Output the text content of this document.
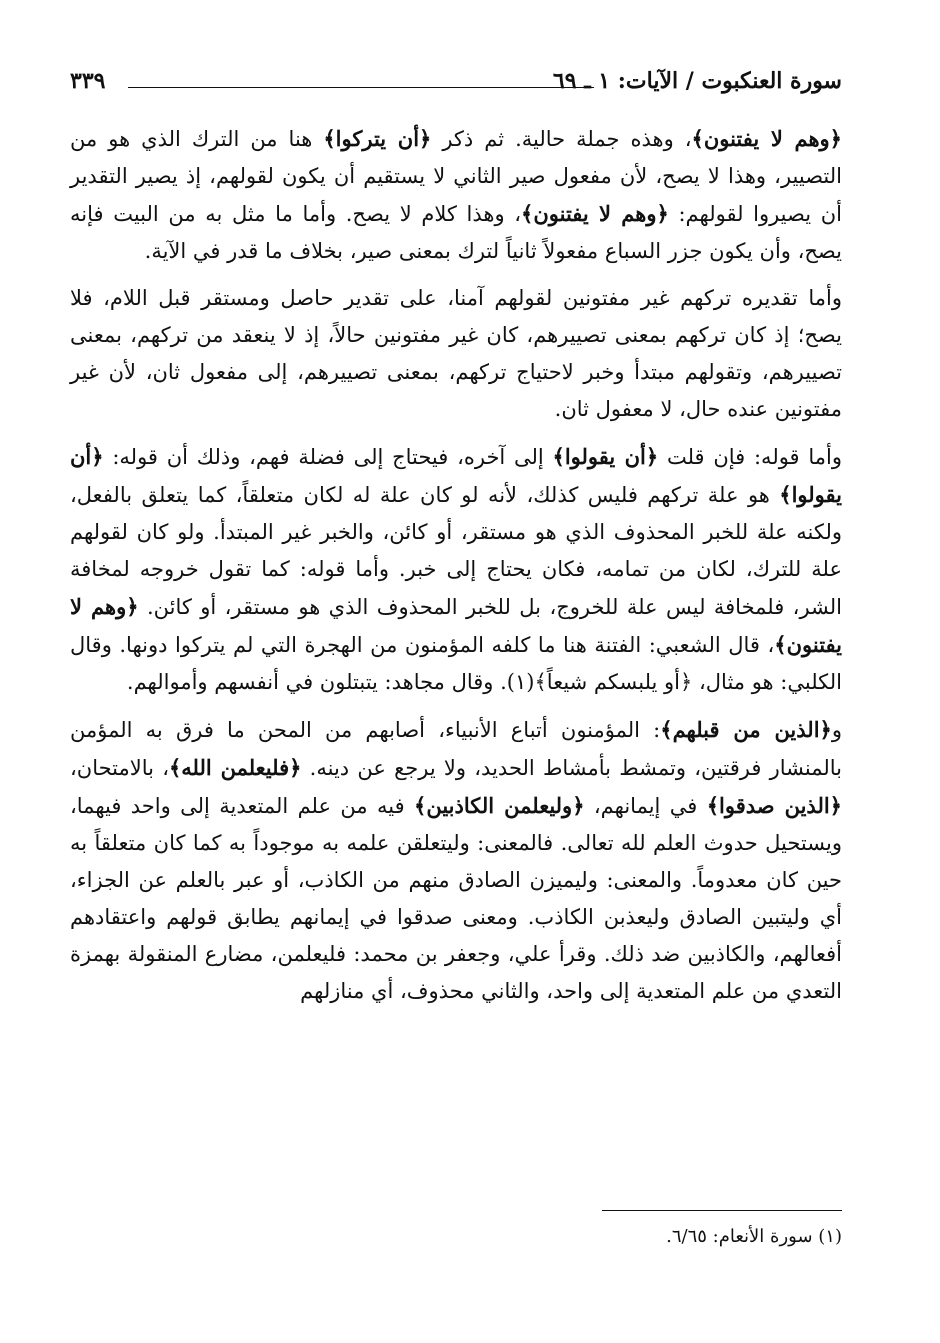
سورة العنكبوت / الآيات: ١ ـ ٦٩
٣٣٩

﴿وهم لا يفتنون﴾، وهذه جملة حالية. ثم ذكر ﴿أن يتركوا﴾ هنا من الترك الذي هو من التصيير، وهذا لا يصح، لأن مفعول صير الثاني لا يستقيم أن يكون لقولهم، إذ يصير التقدير أن يصيروا لقولهم: ﴿وهم لا يفتنون﴾، وهذا كلام لا يصح. وأما ما مثل به من البيت فإنه يصح، وأن يكون جزر السباع مفعولاً ثانياً لترك بمعنى صير، بخلاف ما قدر في الآية.

وأما تقديره تركهم غير مفتونين لقولهم آمنا، على تقدير حاصل ومستقر قبل اللام، فلا يصح؛ إذ كان تركهم بمعنى تصييرهم، كان غير مفتونين حالاً، إذ لا ينعقد من تركهم، بمعنى تصييرهم، وتقولهم مبتدأ وخبر لاحتياج تركهم، بمعنى تصييرهم، إلى مفعول ثان، لأن غير مفتونين عنده حال، لا معفول ثان.

وأما قوله: فإن قلت ﴿أن يقولوا﴾ إلى آخره، فيحتاج إلى فضلة فهم، وذلك أن قوله: ﴿أن يقولوا﴾ هو علة تركهم فليس كذلك، لأنه لو كان علة له لكان متعلقاً، كما يتعلق بالفعل، ولكنه علة للخبر المحذوف الذي هو مستقر، أو كائن، والخبر غير المبتدأ. ولو كان لقولهم علة للترك، لكان من تمامه، فكان يحتاج إلى خبر. وأما قوله: كما تقول خروجه لمخافة الشر، فلمخافة ليس علة للخروج، بل للخبر المحذوف الذي هو مستقر، أو كائن. ﴿وهم لا يفتنون﴾، قال الشعبي: الفتنة هنا ما كلفه المؤمنون من الهجرة التي لم يتركوا دونها. وقال الكلبي: هو مثال، ﴿أو يلبسكم شيعاً﴾(١). وقال مجاهد: يتبتلون في أنفسهم وأموالهم.

و﴿الذين من قبلهم﴾: المؤمنون أتباع الأنبياء، أصابهم من المحن ما فرق به المؤمن بالمنشار فرقتين، وتمشط بأمشاط الحديد، ولا يرجع عن دينه. ﴿فليعلمن الله﴾، بالامتحان، ﴿الذين صدقوا﴾ في إيمانهم، ﴿وليعلمن الكاذبين﴾ فيه من علم المتعدية إلى واحد فيهما، ويستحيل حدوث العلم لله تعالى. فالمعنى: وليتعلقن علمه به موجوداً به كما كان متعلقاً به حين كان معدوماً. والمعنى: وليميزن الصادق منهم من الكاذب، أو عبر بالعلم عن الجزاء، أي وليتبين الصادق وليعذبن الكاذب. ومعنى صدقوا في إيمانهم يطابق قولهم واعتقادهم أفعالهم، والكاذبين ضد ذلك. وقرأ علي، وجعفر بن محمد: فليعلمن، مضارع المنقولة بهمزة التعدي من علم المتعدية إلى واحد، والثاني محذوف، أي منازلهم

(١) سورة الأنعام: ٦/٦٥.
